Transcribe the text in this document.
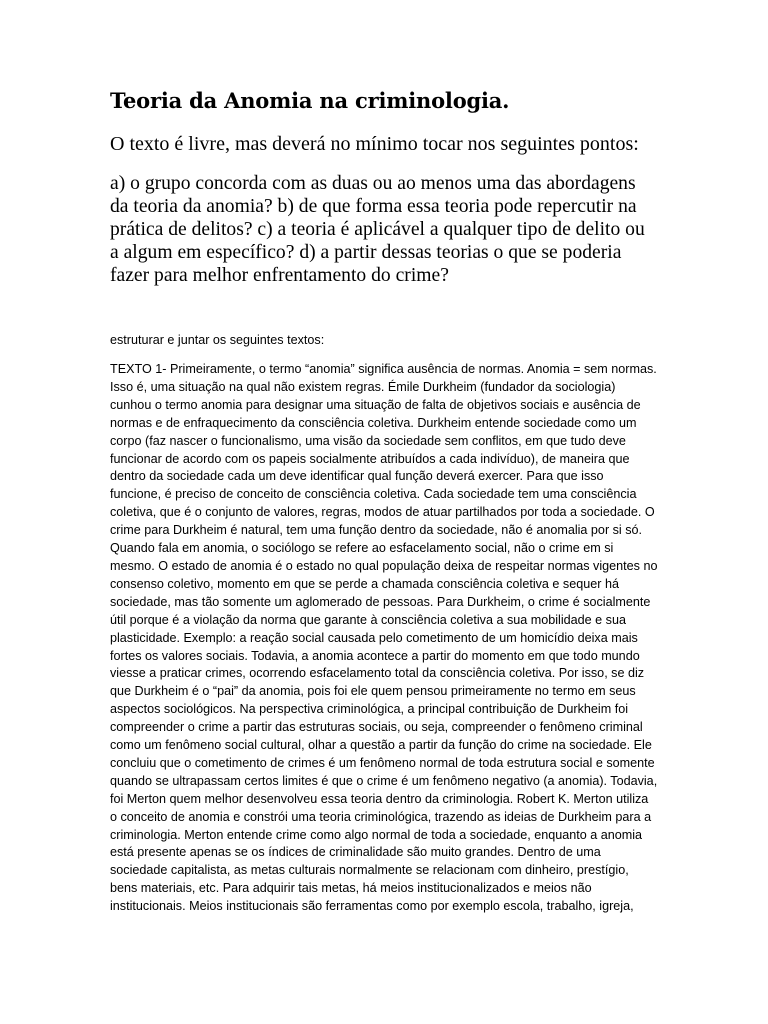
Teoria da Anomia na criminologia.

O texto é livre, mas deverá no mínimo tocar nos seguintes pontos:

a) o grupo concorda com as duas ou ao menos uma das abordagens da teoria da anomia? b) de que forma essa teoria pode repercutir na prática de delitos? c) a teoria é aplicável a qualquer tipo de delito ou a algum em específico? d) a partir dessas teorias o que se poderia fazer para melhor enfrentamento do crime?

estruturar e juntar os seguintes textos:

TEXTO 1- Primeiramente, o termo “anomia” significa ausência de normas. Anomia = sem normas. Isso é, uma situação na qual não existem regras. Émile Durkheim (fundador da sociologia) cunhou o termo anomia para designar uma situação de falta de objetivos sociais e ausência de normas e de enfraquecimento da consciência coletiva. Durkheim entende sociedade como um corpo (faz nascer o funcionalismo, uma visão da sociedade sem conflitos, em que tudo deve funcionar de acordo com os papeis socialmente atribuídos a cada indivíduo), de maneira que dentro da sociedade cada um deve identificar qual função deverá exercer. Para que isso funcione, é preciso de conceito de consciência coletiva. Cada sociedade tem uma consciência coletiva, que é o conjunto de valores, regras, modos de atuar partilhados por toda a sociedade. O crime para Durkheim é natural, tem uma função dentro da sociedade, não é anomalia por si só. Quando fala em anomia, o sociólogo se refere ao esfacelamento social, não o crime em si mesmo. O estado de anomia é o estado no qual população deixa de respeitar normas vigentes no consenso coletivo, momento em que se perde a chamada consciência coletiva e sequer há sociedade, mas tão somente um aglomerado de pessoas. Para Durkheim, o crime é socialmente útil porque é a violação da norma que garante à consciência coletiva a sua mobilidade e sua plasticidade. Exemplo: a reação social causada pelo cometimento de um homicídio deixa mais fortes os valores sociais. Todavia, a anomia acontece a partir do momento em que todo mundo viesse a praticar crimes, ocorrendo esfacelamento total da consciência coletiva. Por isso, se diz que Durkheim é o “pai” da anomia, pois foi ele quem pensou primeiramente no termo em seus aspectos sociológicos. Na perspectiva criminológica, a principal contribuição de Durkheim foi compreender o crime a partir das estruturas sociais, ou seja, compreender o fenômeno criminal como um fenômeno social cultural, olhar a questão a partir da função do crime na sociedade. Ele concluiu que o cometimento de crimes é um fenômeno normal de toda estrutura social e somente quando se ultrapassam certos limites é que o crime é um fenômeno negativo (a anomia). Todavia, foi Merton quem melhor desenvolveu essa teoria dentro da criminologia. Robert K. Merton utiliza o conceito de anomia e constrói uma teoria criminológica, trazendo as ideias de Durkheim para a criminologia. Merton entende crime como algo normal de toda a sociedade, enquanto a anomia está presente apenas se os índices de criminalidade são muito grandes. Dentro de uma sociedade capitalista, as metas culturais normalmente se relacionam com dinheiro, prestígio, bens materiais, etc. Para adquirir tais metas, há meios institucionalizados e meios não institucionais. Meios institucionais são ferramentas como por exemplo escola, trabalho, igreja,
